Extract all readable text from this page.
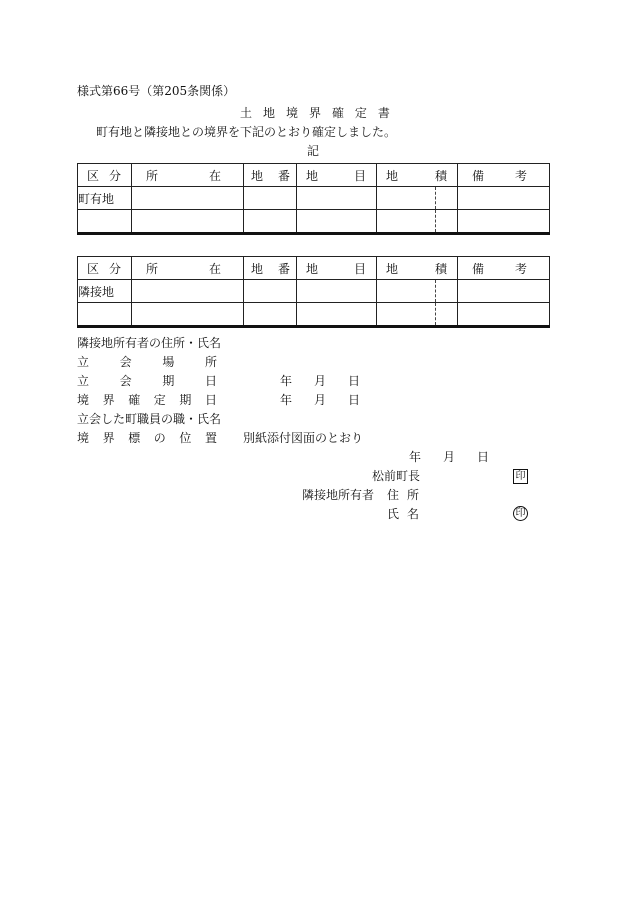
様式第66号（第205条関係）
土 地 境 界 確 定 書
町有地と隣接地との境界を下記のとおり確定しました。
記
区 分	所 在	地 番	地 目	地 積	備 考

町有地					

区 分	所 在	地 番	地 目	地 積	備 考

隣接地					

隣接地所有者の住所・氏名
立	会	場	所
立	会	期	日	年 月 日
境 界 確 定 期 日	年 月 日
立会した町職員の職・氏名
境 界 標 の 位 置 別紙添付図面のとおり
年 月 日
松前町長	印
隣接地所有者 住 所
氏 名	印
